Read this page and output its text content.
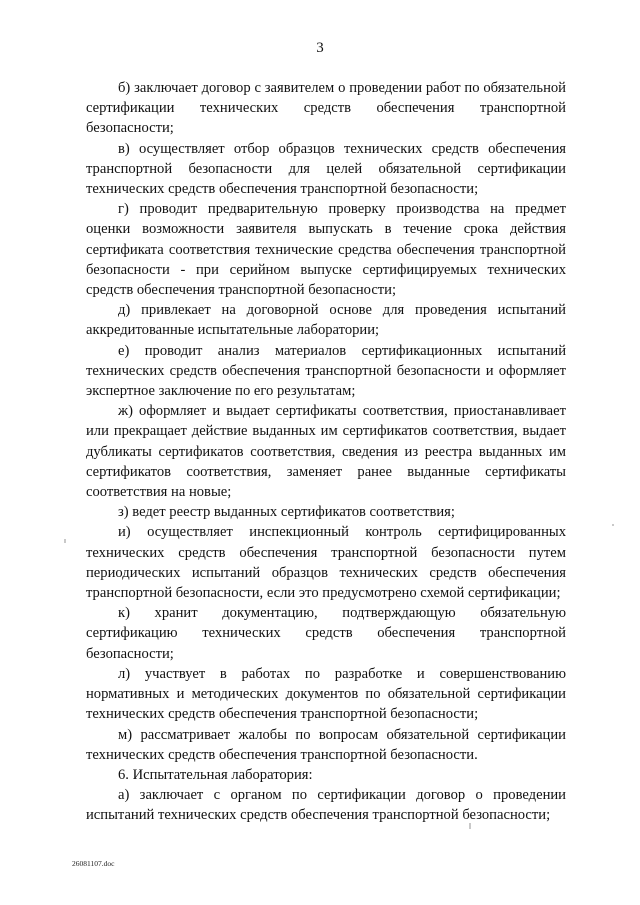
3

б) заключает договор с заявителем о проведении работ по обязательной сертификации технических средств обеспечения транспортной безопасности;

в) осуществляет отбор образцов технических средств обеспечения транспортной безопасности для целей обязательной сертификации технических средств обеспечения транспортной безопасности;

г) проводит предварительную проверку производства на предмет оценки возможности заявителя выпускать в течение срока действия сертификата соответствия технические средства обеспечения транспортной безопасности - при серийном выпуске сертифицируемых технических средств обеспечения транспортной безопасности;

д) привлекает на договорной основе для проведения испытаний аккредитованные испытательные лаборатории;

е) проводит анализ материалов сертификационных испытаний технических средств обеспечения транспортной безопасности и оформляет экспертное заключение по его результатам;

ж) оформляет и выдает сертификаты соответствия, приостанавливает или прекращает действие выданных им сертификатов соответствия, выдает дубликаты сертификатов соответствия, сведения из реестра выданных им сертификатов соответствия, заменяет ранее выданные сертификаты соответствия на новые;

з) ведет реестр выданных сертификатов соответствия;

и) осуществляет инспекционный контроль сертифицированных технических средств обеспечения транспортной безопасности путем периодических испытаний образцов технических средств обеспечения транспортной безопасности, если это предусмотрено схемой сертификации;

к) хранит документацию, подтверждающую обязательную сертификацию технических средств обеспечения транспортной безопасности;

л) участвует в работах по разработке и совершенствованию нормативных и методических документов по обязательной сертификации технических средств обеспечения транспортной безопасности;

м) рассматривает жалобы по вопросам обязательной сертификации технических средств обеспечения транспортной безопасности.

6. Испытательная лаборатория:

а) заключает с органом по сертификации договор о проведении испытаний технических средств обеспечения транспортной безопасности;

26081107.doc
